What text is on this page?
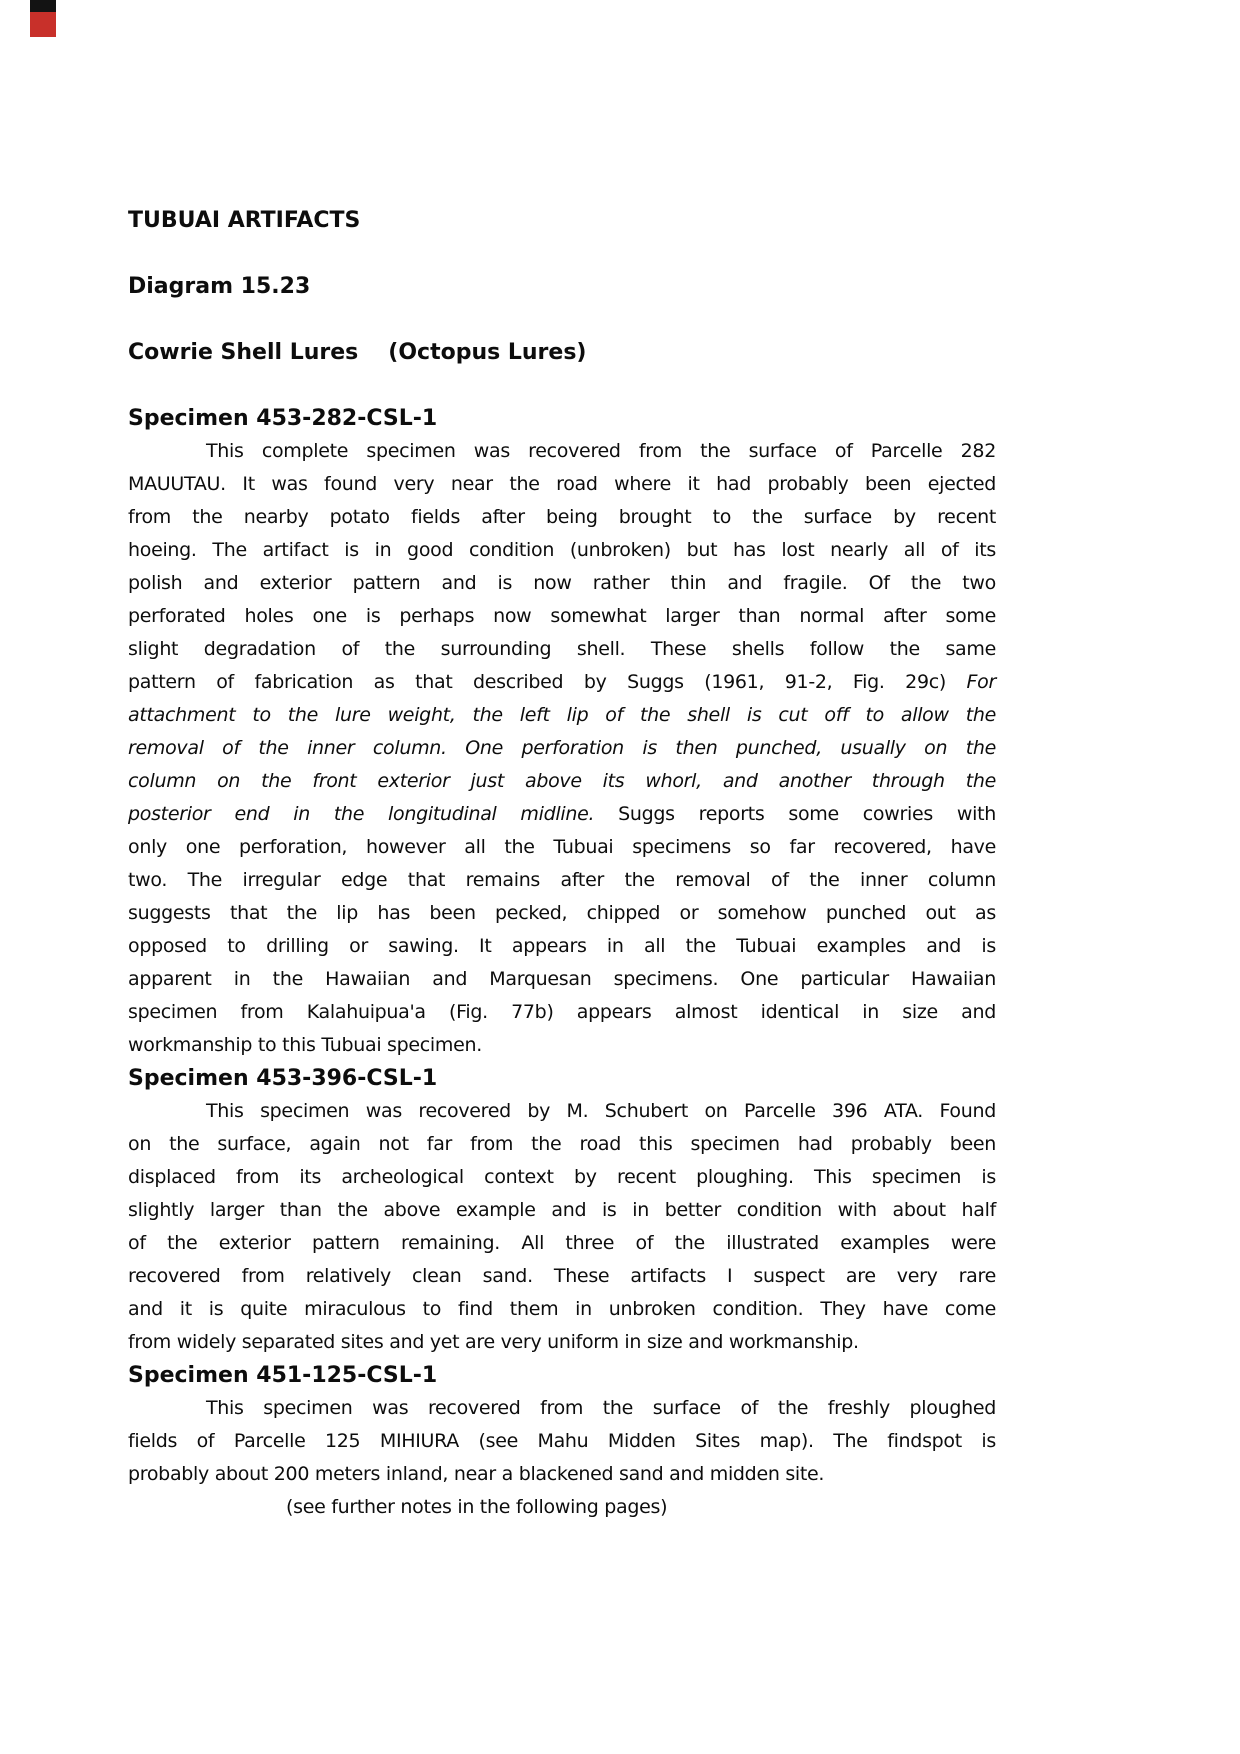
TUBUAI ARTIFACTS
Diagram 15.23
Cowrie Shell Lures (Octopus Lures)
Specimen 453-282-CSL-1
This complete specimen was recovered from the surface of Parcelle 282
MAUUTAU. It was found very near the road where it had probably been ejected
from the nearby potato fields after being brought to the surface by recent
hoeing. The artifact is in good condition (unbroken) but has lost nearly all of its
polish and exterior pattern and is now rather thin and fragile. Of the two
perforated holes one is perhaps now somewhat larger than normal after some
slight degradation of the surrounding shell. These shells follow the same
pattern of fabrication as that described by Suggs (1961, 91-2, Fig. 29c) For
attachment to the lure weight, the left lip of the shell is cut off to allow the
removal of the inner column. One perforation is then punched, usually on the
column on the front exterior just above its whorl, and another through the
posterior end in the longitudinal midline. Suggs reports some cowries with
only one perforation, however all the Tubuai specimens so far recovered, have
two. The irregular edge that remains after the removal of the inner column
suggests that the lip has been pecked, chipped or somehow punched out as
opposed to drilling or sawing. It appears in all the Tubuai examples and is
apparent in the Hawaiian and Marquesan specimens. One particular Hawaiian
specimen from Kalahuipua'a (Fig. 77b) appears almost identical in size and
workmanship to this Tubuai specimen.
Specimen 453-396-CSL-1
This specimen was recovered by M. Schubert on Parcelle 396 ATA. Found
on the surface, again not far from the road this specimen had probably been
displaced from its archeological context by recent ploughing. This specimen is
slightly larger than the above example and is in better condition with about half
of the exterior pattern remaining. All three of the illustrated examples were
recovered from relatively clean sand. These artifacts I suspect are very rare
and it is quite miraculous to find them in unbroken condition. They have come
from widely separated sites and yet are very uniform in size and workmanship.
Specimen 451-125-CSL-1
This specimen was recovered from the surface of the freshly ploughed
fields of Parcelle 125 MIHIURA (see Mahu Midden Sites map). The findspot is
probably about 200 meters inland, near a blackened sand and midden site.
(see further notes in the following pages)
